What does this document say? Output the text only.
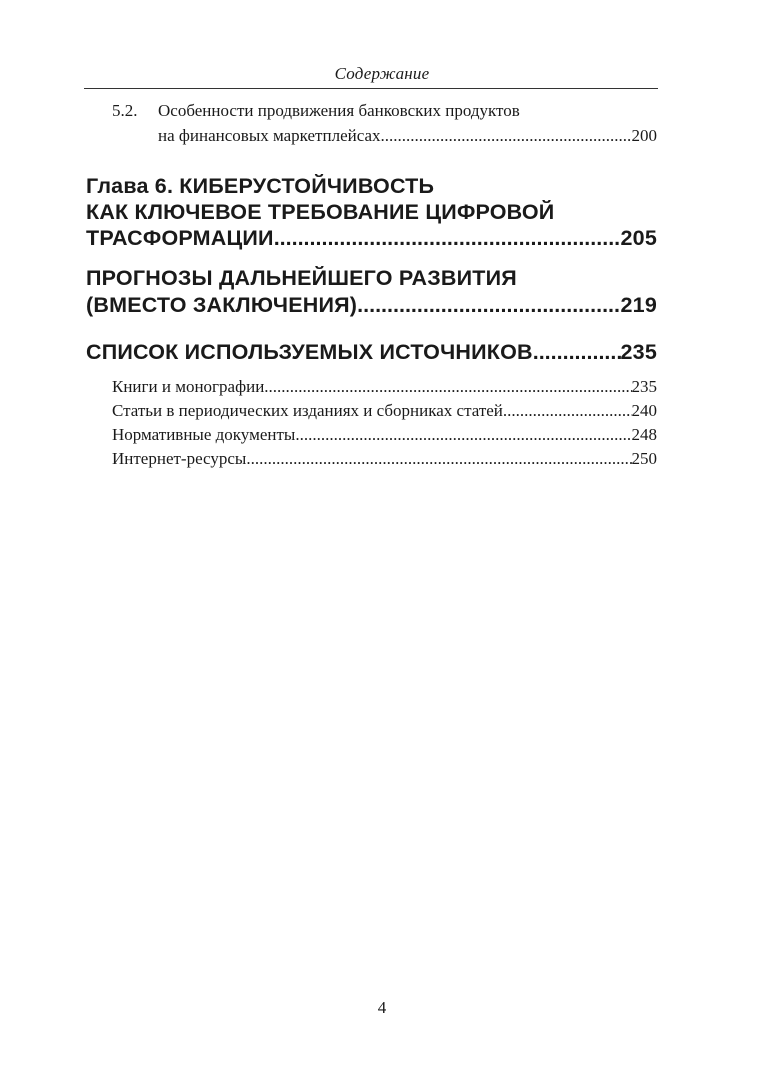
Содержание
5.2. Особенности продвижения банковских продуктов
на финансовых маркетплейсах .....	200
Глава 6. КИБЕРУСТОЙЧИВОСТЬ
КАК КЛЮЧЕВОЕ ТРЕБОВАНИЕ ЦИФРОВОЙ
ТРАСФОРМАЦИИ .....	205
ПРОГНОЗЫ ДАЛЬНЕЙШЕГО РАЗВИТИЯ
(ВМЕСТО ЗАКЛЮЧЕНИЯ) .....	219
СПИСОК ИСПОЛЬЗУЕМЫХ ИСТОЧНИКОВ .....	235
Книги и монографии .....	235
Статьи в периодических изданиях и сборниках статей .....	240
Нормативные документы .....	248
Интернет-ресурсы .....	250
4
